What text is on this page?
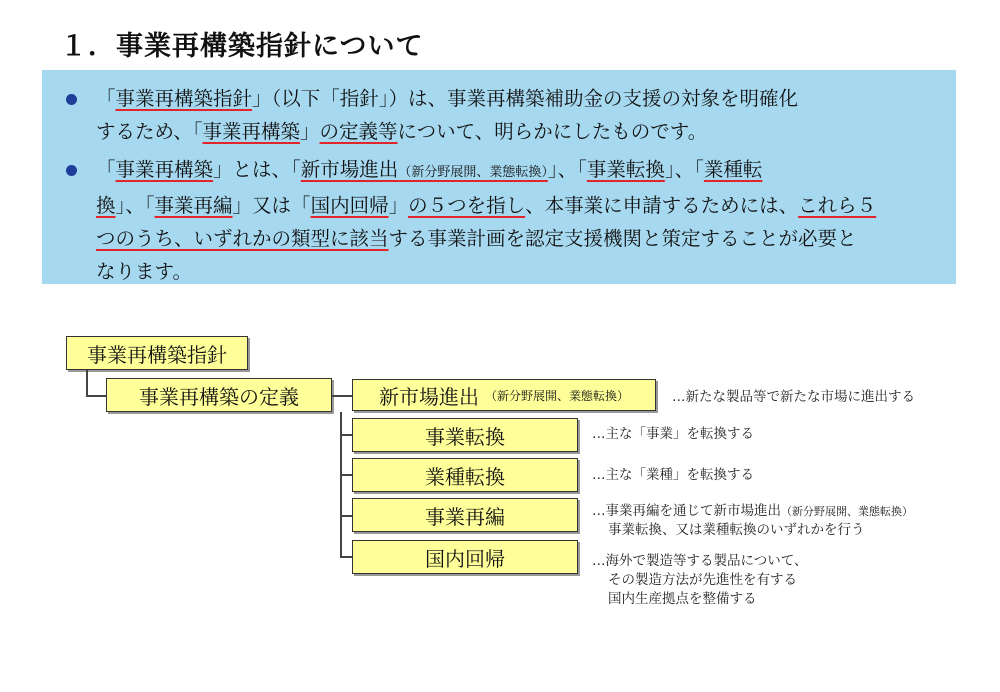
１．事業再構築指針について
「事業再構築指針」（以下「指針」）は、事業再構築補助金の支援の対象を明確化
するため、「事業再構築」の定義等について、明らかにしたものです。
「事業再構築」とは、「新市場進出（新分野展開、業態転換）」、「事業転換」、「業種転
換」、「事業再編」又は「国内回帰」の５つを指し、本事業に申請するためには、これら５
つのうち、いずれかの類型に該当する事業計画を認定支援機関と策定することが必要と
なります。
事業再構築指針
事業再構築の定義	新市場進出 （新分野展開、業態転換）
事業転換
業種転換
事業再編
国内回帰
…新たな製品等で新たな市場に進出する
…主な「事業」を転換する
…主な「業種」を転換する
…事業再編を通じて新市場進出（新分野展開、業態転換）
事業転換、又は業種転換のいずれかを行う
…海外で製造等する製品について、
その製造方法が先進性を有する
国内生産拠点を整備する
